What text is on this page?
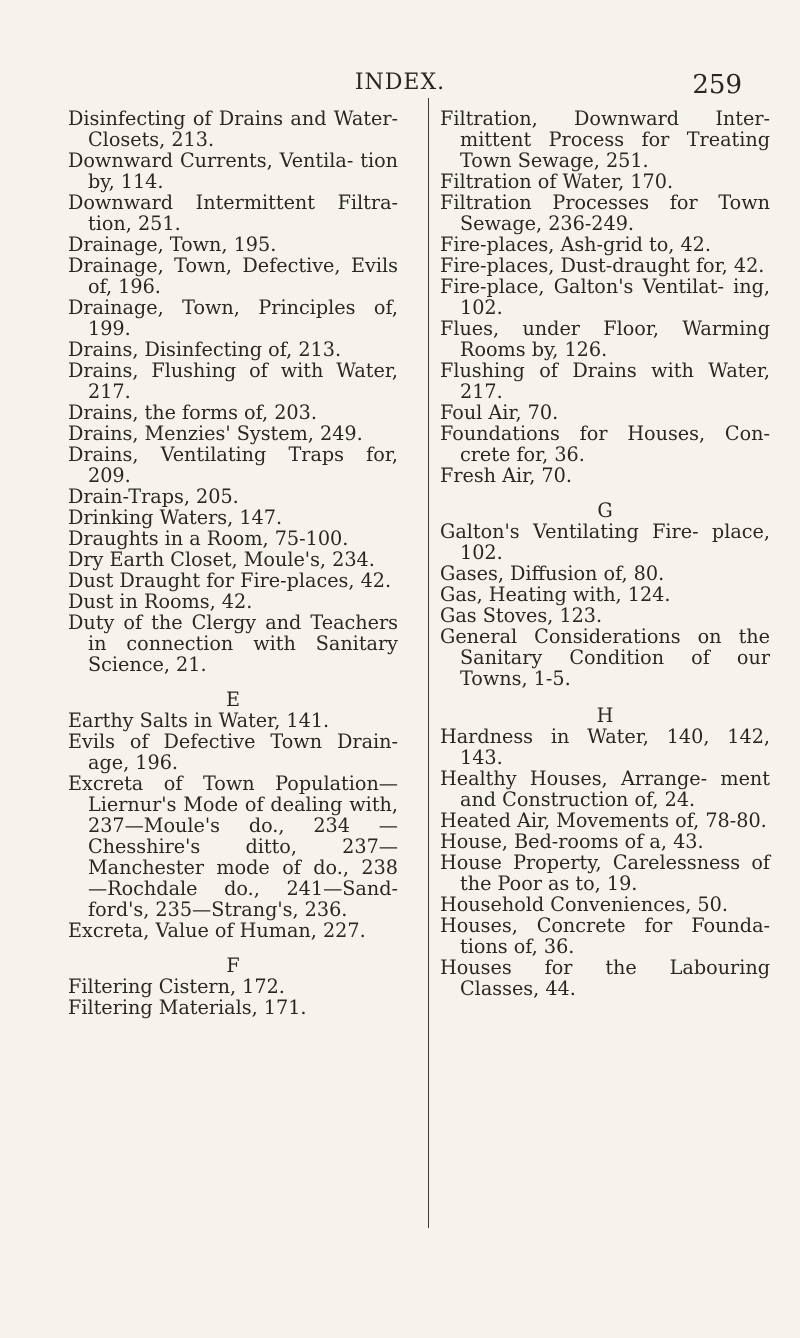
INDEX.	259

Disinfecting of Drains and Water-Closets, 213.

Downward Currents, Ventila- tion by, 114.

Downward Intermittent Filtra- tion, 251.

Drainage, Town, 195.

Drainage, Town, Defective, Evils of, 196.

Drainage, Town, Principles of, 199.

Drains, Disinfecting of, 213.

Drains, Flushing of with Water, 217.

Drains, the forms of, 203.

Drains, Menzies' System, 249.

Drains, Ventilating Traps for, 209.

Drain-Traps, 205.

Drinking Waters, 147.

Draughts in a Room, 75-100.

Dry Earth Closet, Moule's, 234.

Dust Draught for Fire-places, 42.

Dust in Rooms, 42.

Duty of the Clergy and Teachers in connection with Sanitary Science, 21.

E

Earthy Salts in Water, 141.

Evils of Defective Town Drain- age, 196.

Excreta of Town Population— Liernur's Mode of dealing with, 237—Moule's do., 234 —Chesshire's ditto, 237— Manchester mode of do., 238 —Rochdale do., 241—Sand- ford's, 235—Strang's, 236.

Excreta, Value of Human, 227.

F

Filtering Cistern, 172.

Filtering Materials, 171.

Filtration, Downward Inter- mittent Process for Treating Town Sewage, 251.

Filtration of Water, 170.

Filtration Processes for Town Sewage, 236-249.

Fire-places, Ash-grid to, 42.

Fire-places, Dust-draught for, 42.

Fire-place, Galton's Ventilat- ing, 102.

Flues, under Floor, Warming Rooms by, 126.

Flushing of Drains with Water, 217.

Foul Air, 70.

Foundations for Houses, Con- crete for, 36.

Fresh Air, 70.

G

Galton's Ventilating Fire- place, 102.

Gases, Diffusion of, 80.

Gas, Heating with, 124.

Gas Stoves, 123.

General Considerations on the Sanitary Condition of our Towns, 1-5.

H

Hardness in Water, 140, 142, 143.

Healthy Houses, Arrange- ment and Construction of, 24.

Heated Air, Movements of, 78-80.

House, Bed-rooms of a, 43.

House Property, Carelessness of the Poor as to, 19.

Household Conveniences, 50.

Houses, Concrete for Founda- tions of, 36.

Houses for the Labouring Classes, 44.
